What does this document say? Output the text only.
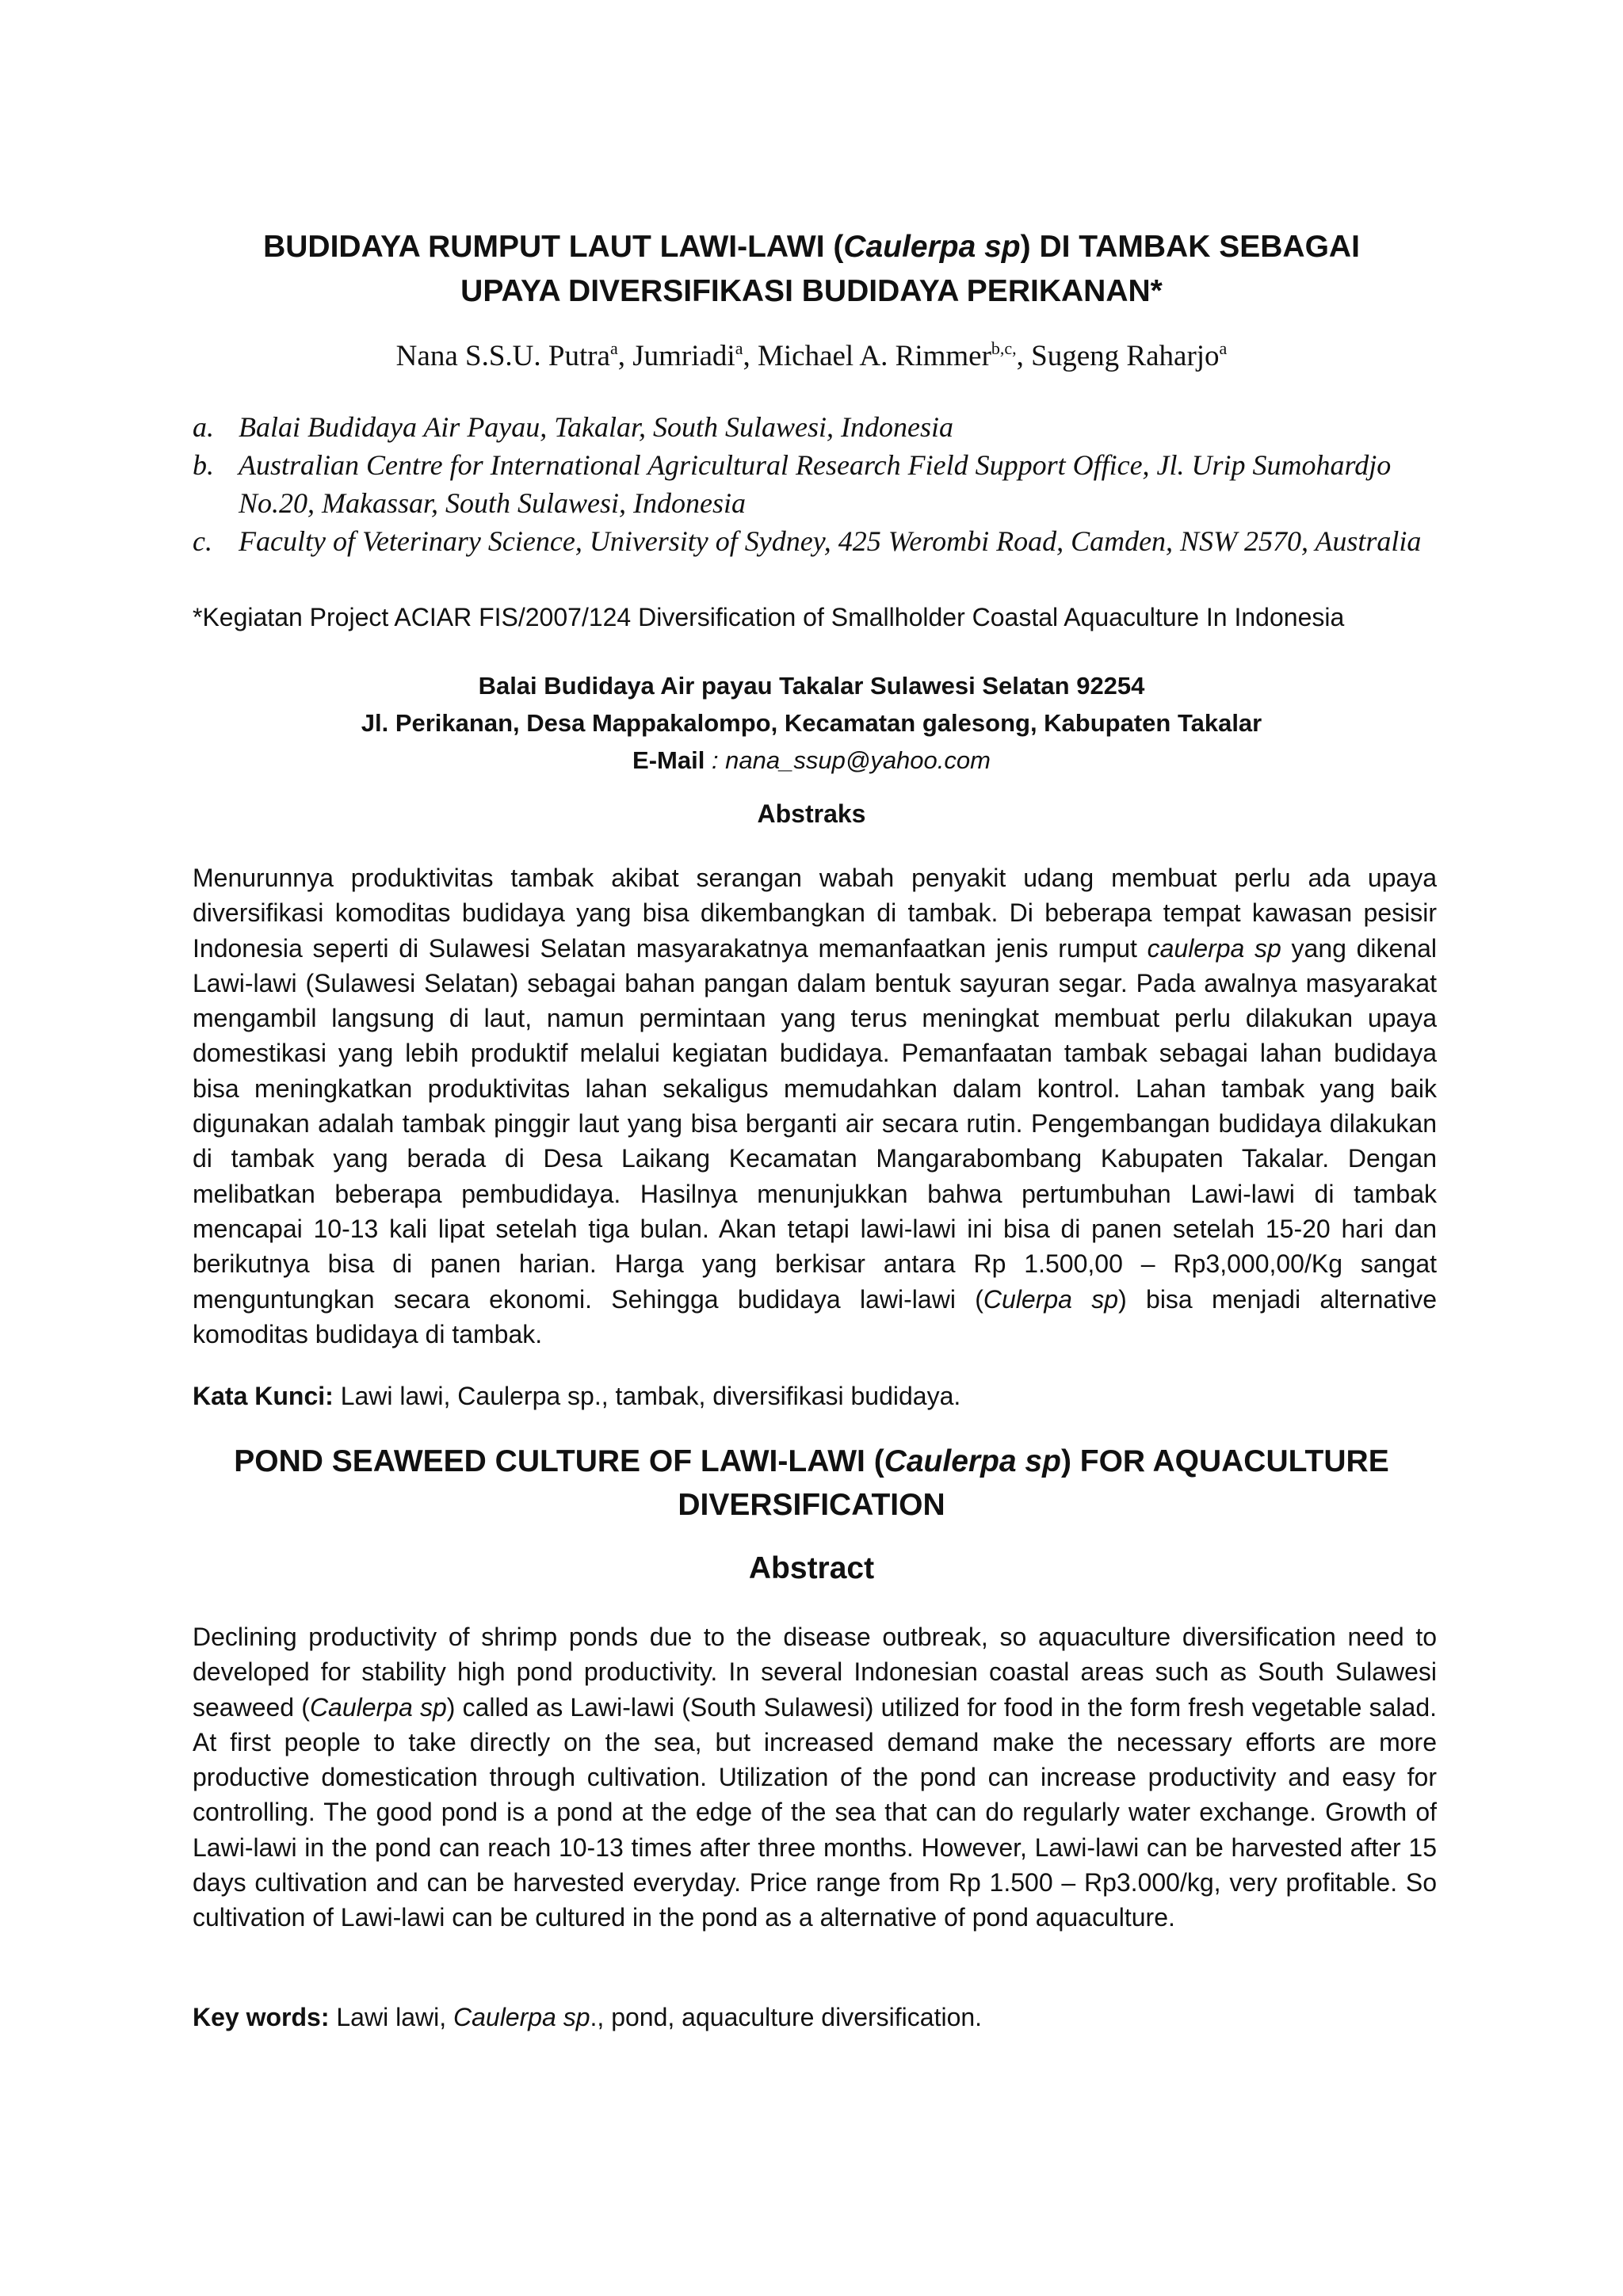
BUDIDAYA RUMPUT LAUT LAWI-LAWI (Caulerpa sp) DI TAMBAK SEBAGAI
UPAYA DIVERSIFIKASI BUDIDAYA PERIKANAN*
Nana S.S.U. Putra$^a$, Jumriadi$^a$, Michael A. Rimmer$^{b,c,}$, Sugeng Raharjo$^a$
a. Balai Budidaya Air Payau, Takalar, South Sulawesi, Indonesia
b. Australian Centre for International Agricultural Research Field Support Office, Jl. Urip Sumohardjo No.20, Makassar, South Sulawesi, Indonesia
c. Faculty of Veterinary Science, University of Sydney, 425 Werombi Road, Camden, NSW 2570, Australia
*Kegiatan Project ACIAR FIS/2007/124 Diversification of Smallholder Coastal Aquaculture In Indonesia
Balai Budidaya Air payau Takalar Sulawesi Selatan 92254
Jl. Perikanan, Desa Mappakalompo, Kecamatan galesong, Kabupaten Takalar
E-Mail : nana_ssup@yahoo.com
Abstraks
Menurunnya produktivitas tambak akibat serangan wabah penyakit udang membuat perlu ada upaya diversifikasi komoditas budidaya yang bisa dikembangkan di tambak. Di beberapa tempat kawasan pesisir Indonesia seperti di Sulawesi Selatan masyarakatnya memanfaatkan jenis rumput caulerpa sp yang dikenal Lawi-lawi (Sulawesi Selatan) sebagai bahan pangan dalam bentuk sayuran segar. Pada awalnya masyarakat mengambil langsung di laut, namun permintaan yang terus meningkat membuat perlu dilakukan upaya domestikasi yang lebih produktif melalui kegiatan budidaya. Pemanfaatan tambak sebagai lahan budidaya bisa meningkatkan produktivitas lahan sekaligus memudahkan dalam kontrol. Lahan tambak yang baik digunakan adalah tambak pinggir laut yang bisa berganti air secara rutin. Pengembangan budidaya dilakukan di tambak yang berada di Desa Laikang Kecamatan Mangarabombang Kabupaten Takalar. Dengan melibatkan beberapa pembudidaya. Hasilnya menunjukkan bahwa pertumbuhan Lawi-lawi di tambak mencapai 10-13 kali lipat setelah tiga bulan. Akan tetapi lawi-lawi ini bisa di panen setelah 15-20 hari dan berikutnya bisa di panen harian. Harga yang berkisar antara Rp 1.500,00 – Rp3,000,00/Kg sangat menguntungkan secara ekonomi. Sehingga budidaya lawi-lawi (Culerpa sp) bisa menjadi alternative komoditas budidaya di tambak.
Kata Kunci: Lawi lawi, Caulerpa sp., tambak, diversifikasi budidaya.
POND SEAWEED CULTURE OF LAWI-LAWI (Caulerpa sp) FOR AQUACULTURE
DIVERSIFICATION
Abstract
Declining productivity of shrimp ponds due to the disease outbreak, so aquaculture diversification need to developed for stability high pond productivity. In several Indonesian coastal areas such as South Sulawesi seaweed (Caulerpa sp) called as Lawi-lawi (South Sulawesi) utilized for food in the form fresh vegetable salad. At first people to take directly on the sea, but increased demand make the necessary efforts are more productive domestication through cultivation. Utilization of the pond can increase productivity and easy for controlling. The good pond is a pond at the edge of the sea that can do regularly water exchange. Growth of Lawi-lawi in the pond can reach 10-13 times after three months. However, Lawi-lawi can be harvested after 15 days cultivation and can be harvested everyday. Price range from Rp 1.500 – Rp3.000/kg, very profitable. So cultivation of Lawi-lawi can be cultured in the pond as a alternative of pond aquaculture.
Key words: Lawi lawi, Caulerpa sp., pond, aquaculture diversification.
